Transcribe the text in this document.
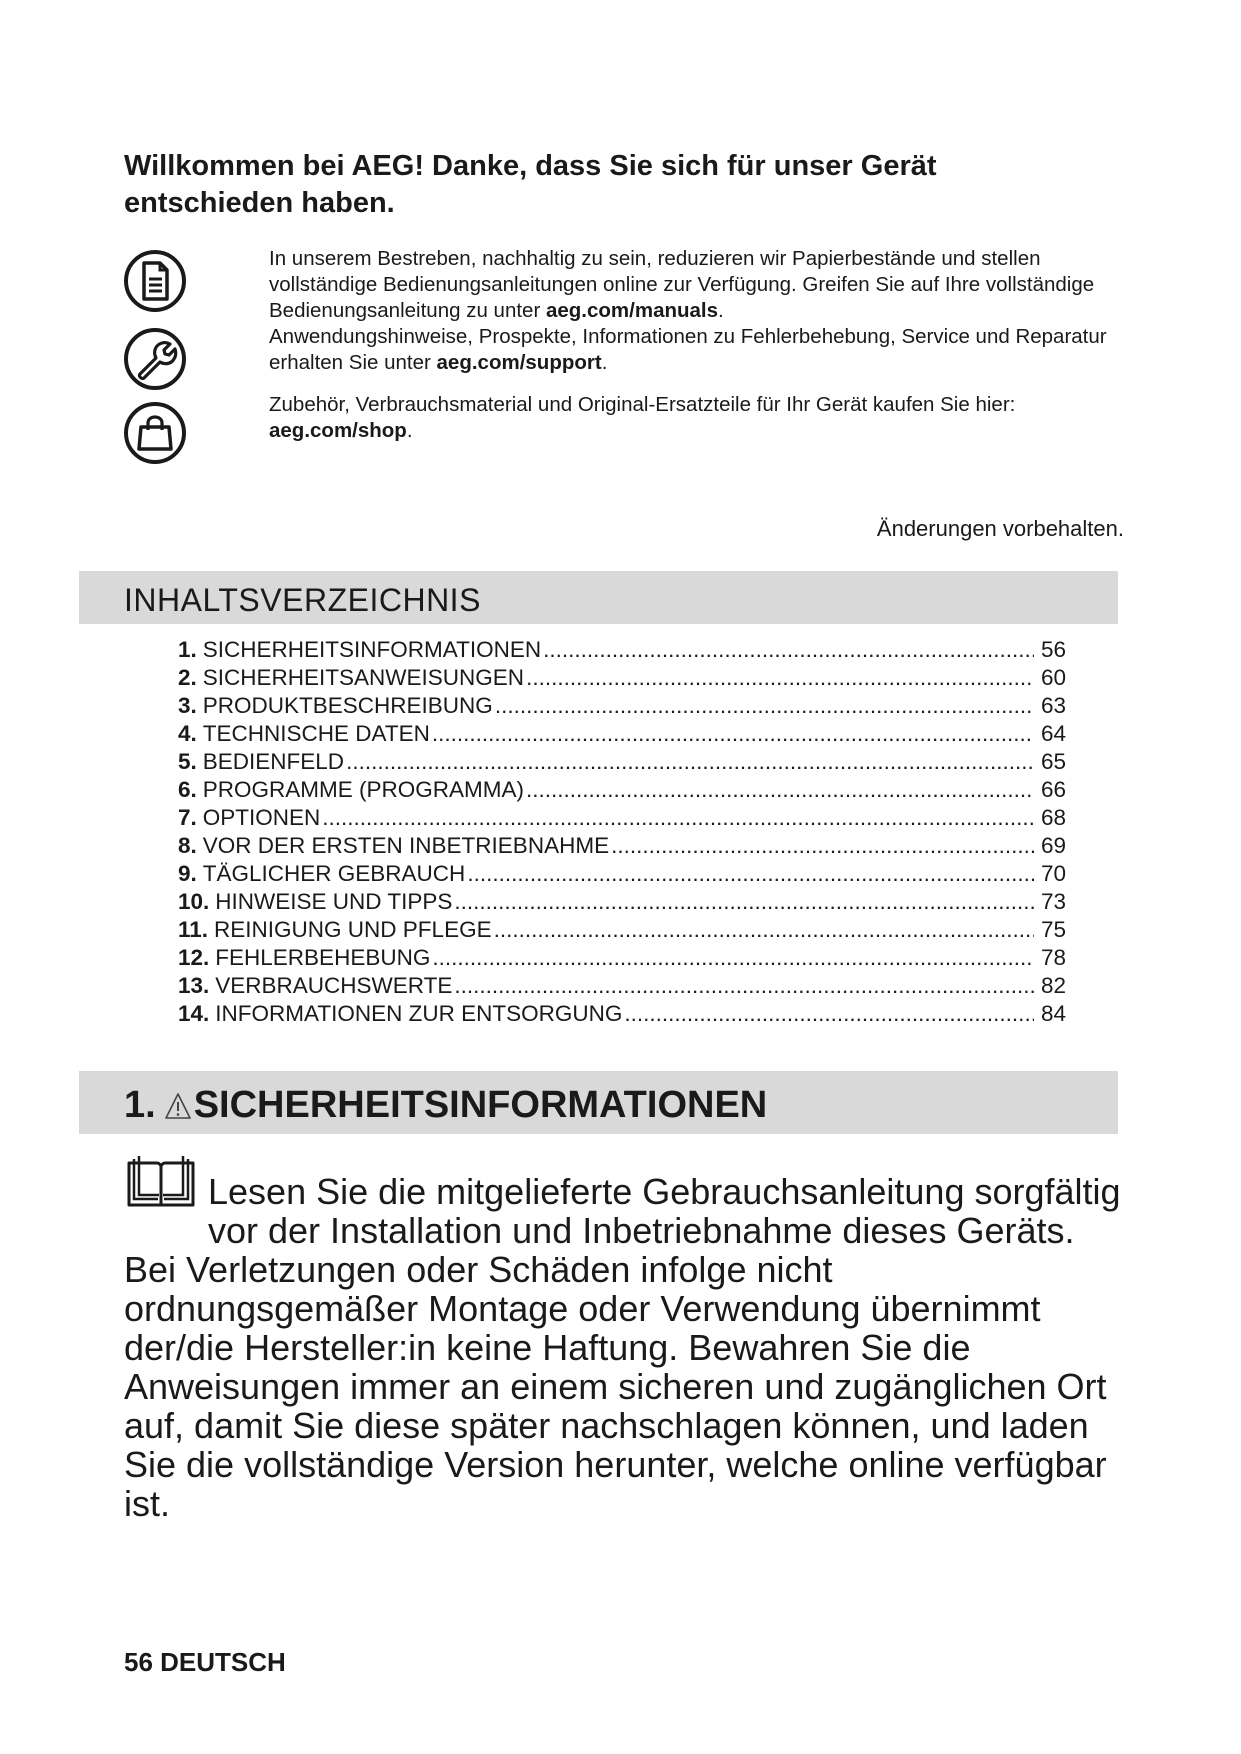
Willkommen bei AEG! Danke, dass Sie sich für unser Gerät
entschieden haben.

In unserem Bestreben, nachhaltig zu sein, reduzieren wir Papierbestände und stellen vollständige Bedienungsanleitungen online zur Verfügung. Greifen Sie auf Ihre vollständige Bedienungsanleitung zu unter aeg.com/manuals.

Anwendungshinweise, Prospekte, Informationen zu Fehlerbehebung, Service und Reparatur erhalten Sie unter aeg.com/support.

Zubehör, Verbrauchsmaterial und Original-Ersatzteile für Ihr Gerät kaufen Sie hier:
aeg.com/shop.

Änderungen vorbehalten.
INHALTSVERZEICHNIS
1. SICHERHEITSINFORMATIONEN .....	56
2. SICHERHEITSANWEISUNGEN .....	60
3. PRODUKTBESCHREIBUNG .....	63
4. TECHNISCHE DATEN .....	64
5. BEDIENFELD .....	65
6. PROGRAMME (PROGRAMMA) .....	66
7. OPTIONEN .....	68
8. VOR DER ERSTEN INBETRIEBNAHME .....	69
9. TÄGLICHER GEBRAUCH .....	70
10. HINWEISE UND TIPPS .....	73
11. REINIGUNG UND PFLEGE .....	75
12. FEHLERBEHEBUNG .....	78
13. VERBRAUCHSWERTE .....	82
14. INFORMATIONEN ZUR ENTSORGUNG .....	84
1. SICHERHEITSINFORMATIONEN
Lesen Sie die mitgelieferte Gebrauchsanleitung sorgfältig vor der Installation und Inbetriebnahme dieses Geräts.
Bei Verletzungen oder Schäden infolge nicht ordnungsgemäßer Montage oder Verwendung übernimmt der/die Hersteller:in keine Haftung. Bewahren Sie die Anweisungen immer an einem sicheren und zugänglichen Ort auf, damit Sie diese später nachschlagen können, und laden Sie die vollständige Version herunter, welche online verfügbar ist.

56 DEUTSCH
